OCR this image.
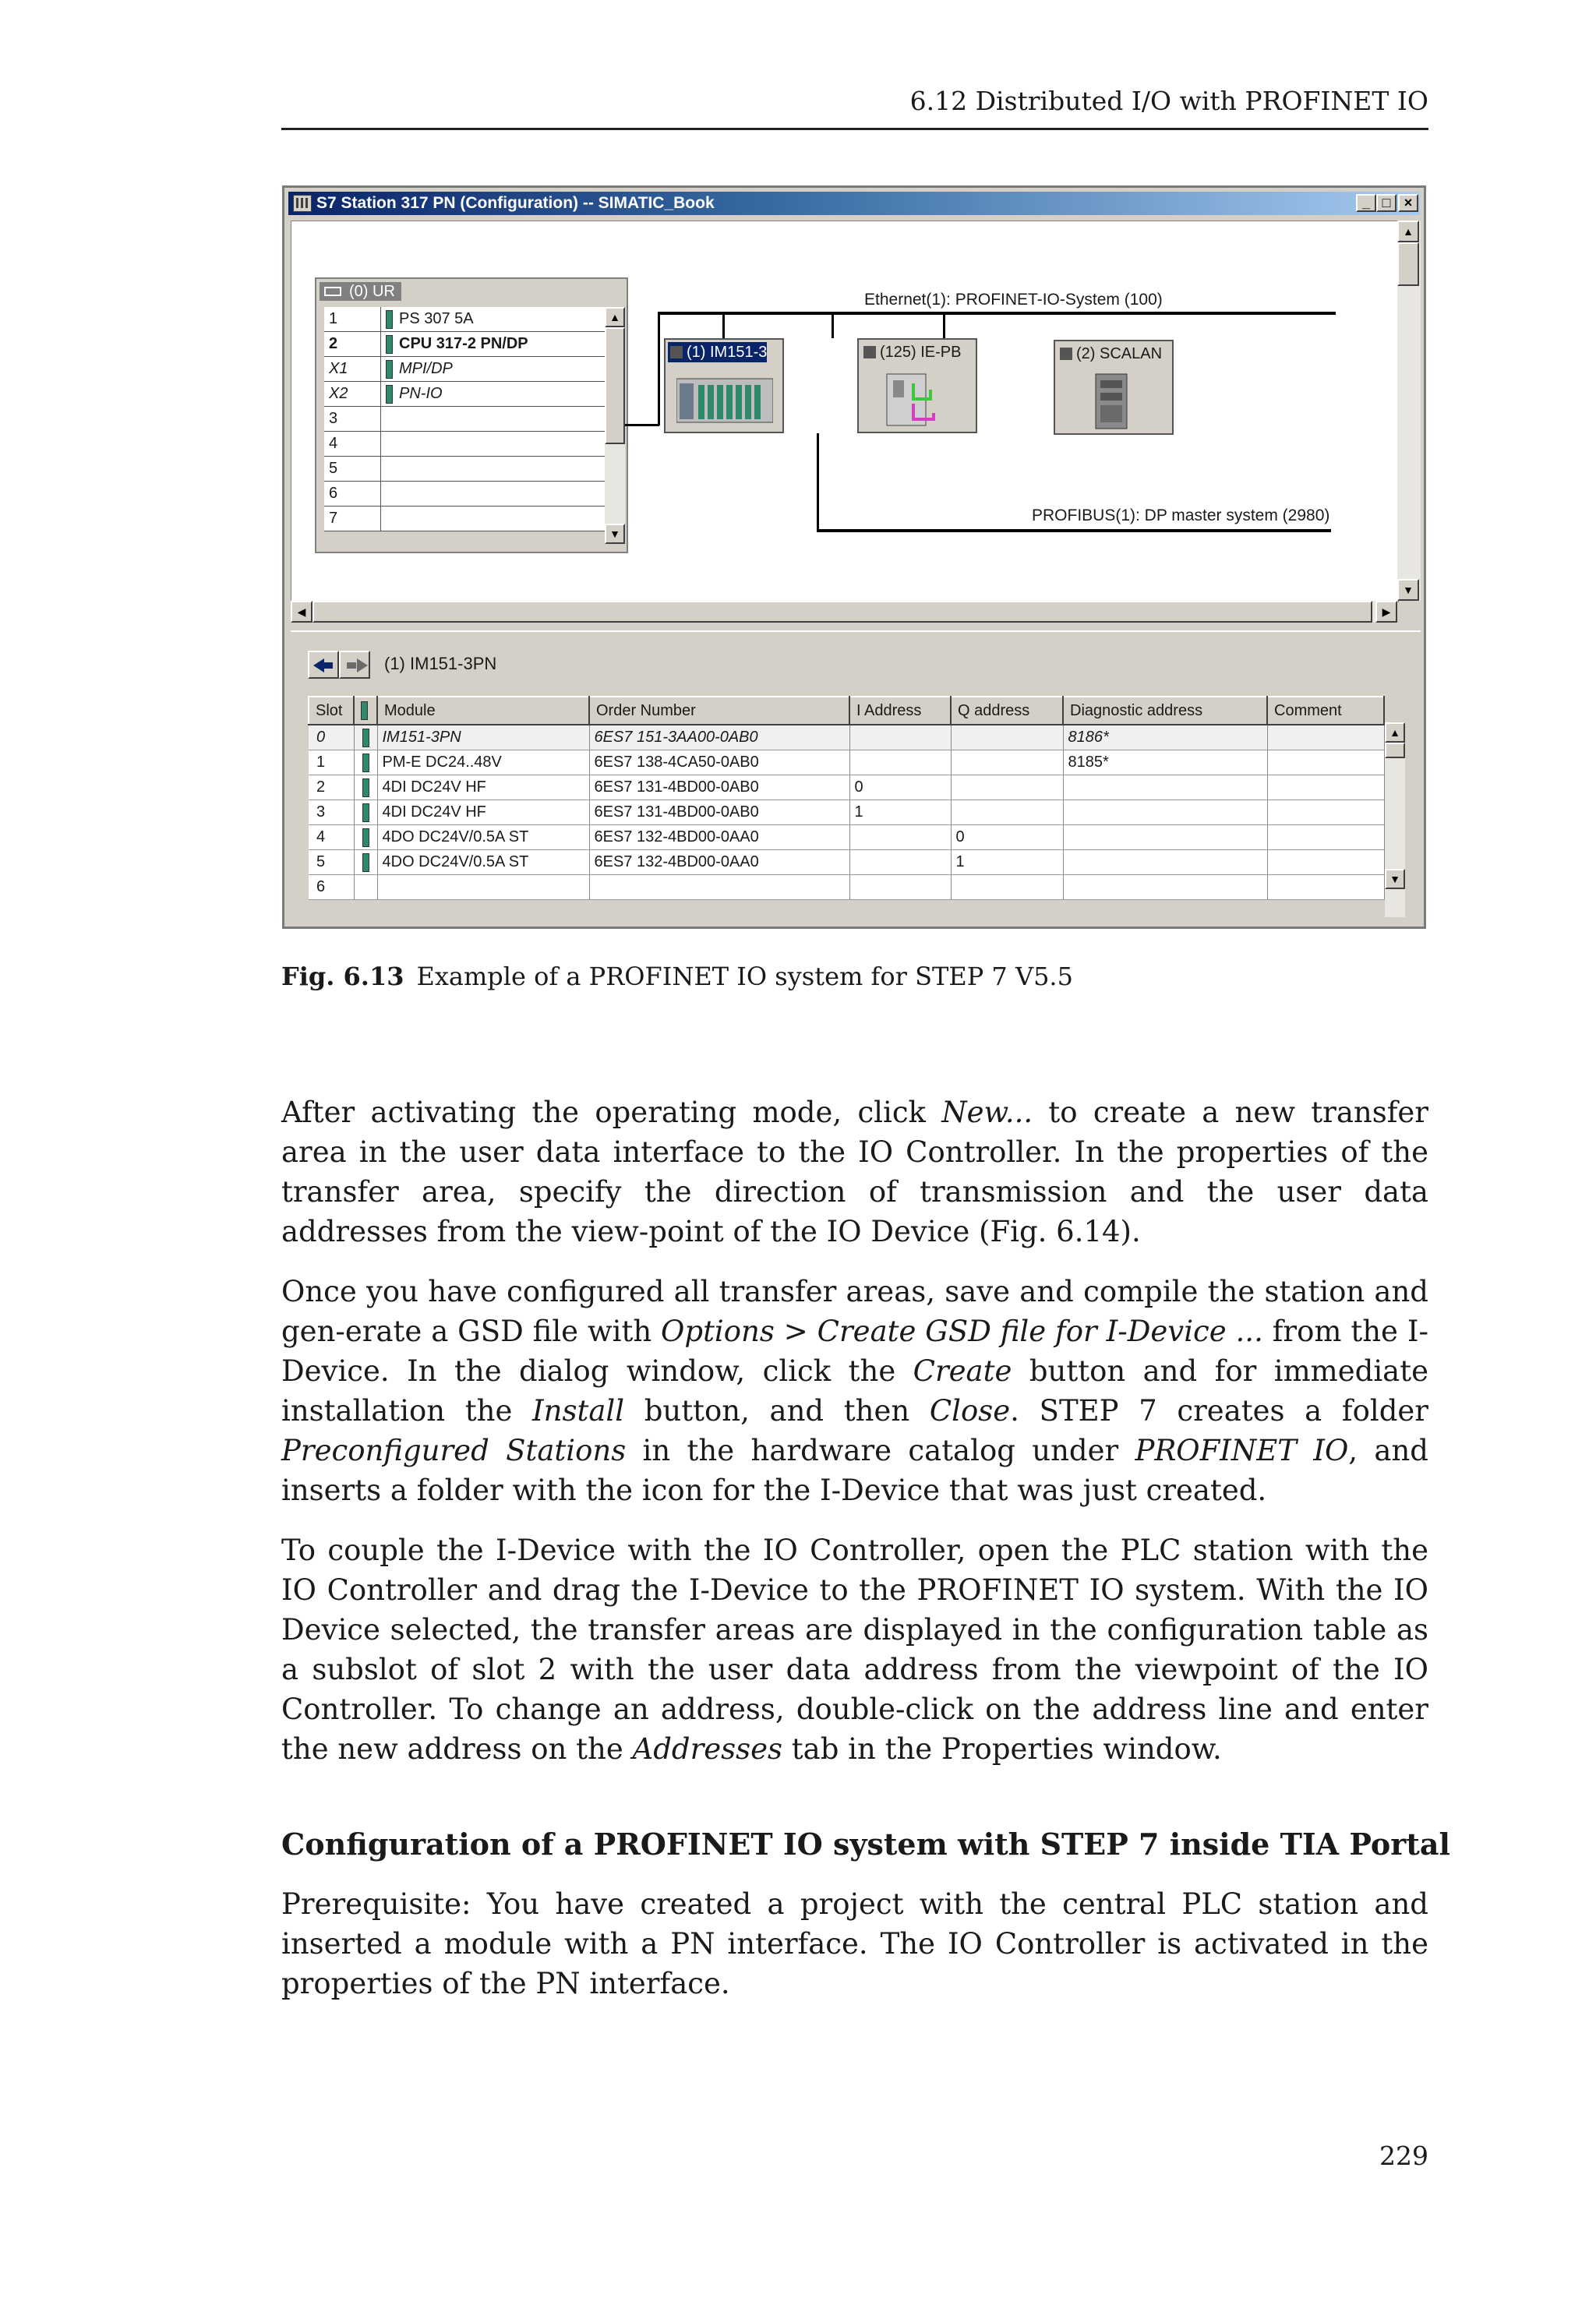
6.12 Distributed I/O with PROFINET IO
S7 Station 317 PN (Configuration) -- SIMATIC_Book	_ □ ×
(0) UR
1		PS 307 5A
2		CPU 317-2 PN/DP
X1		MPI/DP
X2		PN-IO
3		
4		
5		
6		
7		
▲
▼
Ethernet(1): PROFINET-IO-System (100)
PROFIBUS(1): DP master system (2980)
(1) IM151-3	(125) IE-PB	(2) SCALAN
▲
▼
◀	▶
(1) IM151-3PN
Slot		Module	Order Number	I Address	Q address	Diagnostic address	Comment
0		IM151-3PN	6ES7 151-3AA00-0AB0			8186*	
1		PM-E DC24..48V	6ES7 138-4CA50-0AB0			8185*	
2		4DI DC24V HF	6ES7 131-4BD00-0AB0	0			
3		4DI DC24V HF	6ES7 131-4BD00-0AB0	1			
4		4DO DC24V/0.5A ST	6ES7 132-4BD00-0AA0		0		
5		4DO DC24V/0.5A ST	6ES7 132-4BD00-0AA0		1		
6							
▲
▼
Fig. 6.13 Example of a PROFINET IO system for STEP 7 V5.5

After activating the operating mode, click New... to create a new transfer area in the user data interface to the IO Controller. In the properties of the transfer area, specify the direction of transmission and the user data addresses from the view-point of the IO Device (Fig. 6.14).

Once you have configured all transfer areas, save and compile the station and gen-erate a GSD file with Options > Create GSD file for I-Device ... from the I-Device. In the dialog window, click the Create button and for immediate installation the Install button, and then Close. STEP 7 creates a folder Preconfigured Stations in the hardware catalog under PROFINET IO, and inserts a folder with the icon for the I-Device that was just created.

To couple the I-Device with the IO Controller, open the PLC station with the IO Controller and drag the I-Device to the PROFINET IO system. With the IO Device selected, the transfer areas are displayed in the configuration table as a subslot of slot 2 with the user data address from the viewpoint of the IO Controller. To change an address, double-click on the address line and enter the new address on the Addresses tab in the Properties window.

Configuration of a PROFINET IO system with STEP 7 inside TIA Portal

Prerequisite: You have created a project with the central PLC station and inserted a module with a PN interface. The IO Controller is activated in the properties of the PN interface.

229
